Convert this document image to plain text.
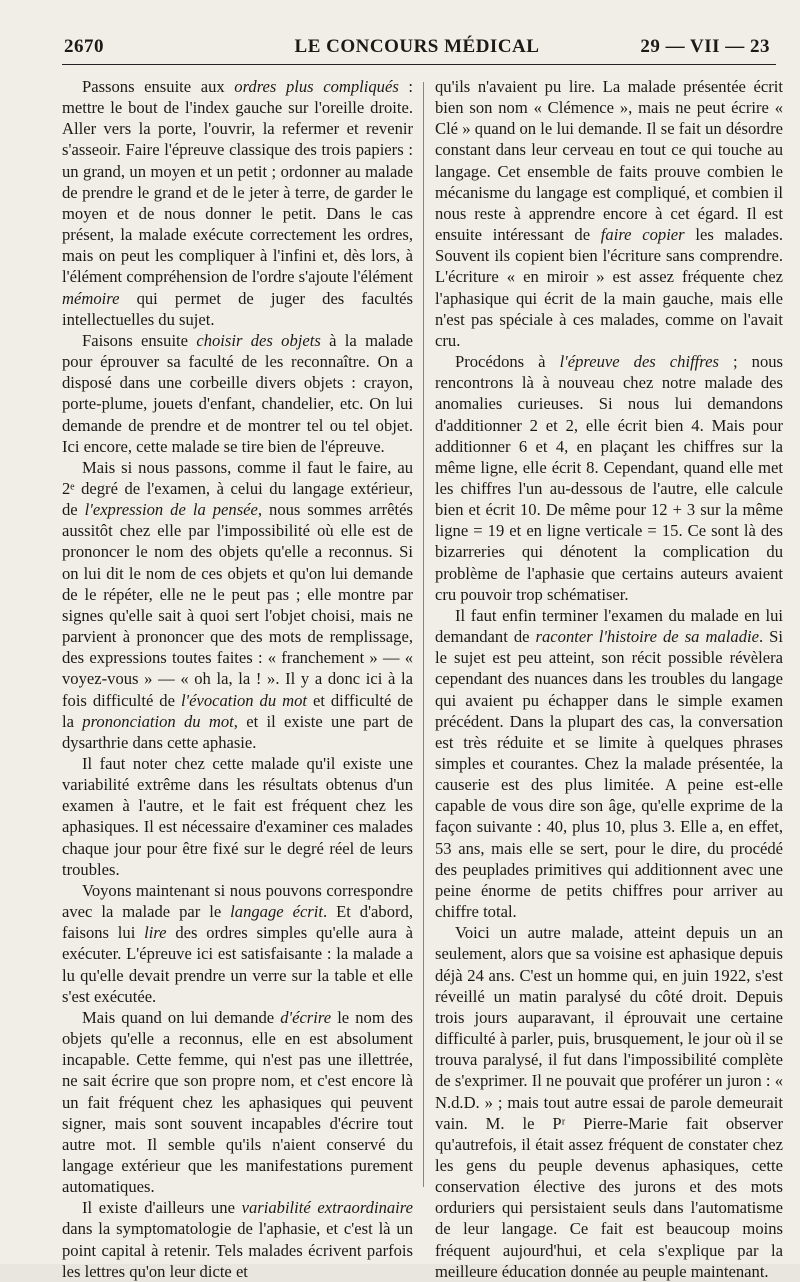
2670	LE CONCOURS MÉDICAL	29 — VII — 23

Passons ensuite aux ordres plus compliqués : mettre le bout de l'index gauche sur l'oreille droite. Aller vers la porte, l'ouvrir, la refermer et revenir s'asseoir. Faire l'épreuve classique des trois papiers : un grand, un moyen et un petit ; ordonner au malade de prendre le grand et de le jeter à terre, de garder le moyen et de nous donner le petit. Dans le cas présent, la malade exécute correctement les ordres, mais on peut les compliquer à l'infini et, dès lors, à l'élément compréhension de l'ordre s'ajoute l'élément mémoire qui permet de juger des facultés intellectuelles du sujet.

Faisons ensuite choisir des objets à la malade pour éprouver sa faculté de les reconnaître. On a disposé dans une corbeille divers objets : crayon, porte-plume, jouets d'enfant, chandelier, etc. On lui demande de prendre et de montrer tel ou tel objet. Ici encore, cette malade se tire bien de l'épreuve.

Mais si nous passons, comme il faut le faire, au 2ᵉ degré de l'examen, à celui du langage extérieur, de l'expression de la pensée, nous sommes arrêtés aussitôt chez elle par l'impossibilité où elle est de prononcer le nom des objets qu'elle a reconnus. Si on lui dit le nom de ces objets et qu'on lui demande de le répéter, elle ne le peut pas ; elle montre par signes qu'elle sait à quoi sert l'objet choisi, mais ne parvient à prononcer que des mots de remplissage, des expressions toutes faites : « franchement » — « voyez-vous » — « oh la, la ! ». Il y a donc ici à la fois difficulté de l'évocation du mot et difficulté de la prononciation du mot, et il existe une part de dysarthrie dans cette aphasie.

Il faut noter chez cette malade qu'il existe une variabilité extrême dans les résultats obtenus d'un examen à l'autre, et le fait est fréquent chez les aphasiques. Il est nécessaire d'examiner ces malades chaque jour pour être fixé sur le degré réel de leurs troubles.

Voyons maintenant si nous pouvons correspondre avec la malade par le langage écrit. Et d'abord, faisons lui lire des ordres simples qu'elle aura à exécuter. L'épreuve ici est satisfaisante : la malade a lu qu'elle devait prendre un verre sur la table et elle s'est exécutée.

Mais quand on lui demande d'écrire le nom des objets qu'elle a reconnus, elle en est absolument incapable. Cette femme, qui n'est pas une illettrée, ne sait écrire que son propre nom, et c'est encore là un fait fréquent chez les aphasiques qui peuvent signer, mais sont souvent incapables d'écrire tout autre mot. Il semble qu'ils n'aient conservé du langage extérieur que les manifestations purement automatiques.

Il existe d'ailleurs une variabilité extraordinaire dans la symptomatologie de l'aphasie, et c'est là un point capital à retenir. Tels malades écrivent parfois les lettres qu'on leur dicte et

qu'ils n'avaient pu lire. La malade présentée écrit bien son nom « Clémence », mais ne peut écrire « Clé » quand on le lui demande. Il se fait un désordre constant dans leur cerveau en tout ce qui touche au langage. Cet ensemble de faits prouve combien le mécanisme du langage est compliqué, et combien il nous reste à apprendre encore à cet égard. Il est ensuite intéressant de faire copier les malades. Souvent ils copient bien l'écriture sans comprendre. L'écriture « en miroir » est assez fréquente chez l'aphasique qui écrit de la main gauche, mais elle n'est pas spéciale à ces malades, comme on l'avait cru.

Procédons à l'épreuve des chiffres ; nous rencontrons là à nouveau chez notre malade des anomalies curieuses. Si nous lui demandons d'additionner 2 et 2, elle écrit bien 4. Mais pour additionner 6 et 4, en plaçant les chiffres sur la même ligne, elle écrit 8. Cependant, quand elle met les chiffres l'un au-dessous de l'autre, elle calcule bien et écrit 10. De même pour 12 + 3 sur la même ligne = 19 et en ligne verticale = 15. Ce sont là des bizarreries qui dénotent la complication du problème de l'aphasie que certains auteurs avaient cru pouvoir trop schématiser.

Il faut enfin terminer l'examen du malade en lui demandant de raconter l'histoire de sa maladie. Si le sujet est peu atteint, son récit possible révèlera cependant des nuances dans les troubles du langage qui avaient pu échapper dans le simple examen précédent. Dans la plupart des cas, la conversation est très réduite et se limite à quelques phrases simples et courantes. Chez la malade présentée, la causerie est des plus limitée. A peine est-elle capable de vous dire son âge, qu'elle exprime de la façon suivante : 40, plus 10, plus 3. Elle a, en effet, 53 ans, mais elle se sert, pour le dire, du procédé des peuplades primitives qui additionnent avec une peine énorme de petits chiffres pour arriver au chiffre total.

Voici un autre malade, atteint depuis un an seulement, alors que sa voisine est aphasique depuis déjà 24 ans. C'est un homme qui, en juin 1922, s'est réveillé un matin paralysé du côté droit. Depuis trois jours auparavant, il éprouvait une certaine difficulté à parler, puis, brusquement, le jour où il se trouva paralysé, il fut dans l'impossibilité complète de s'exprimer. Il ne pouvait que proférer un juron : « N.d.D. » ; mais tout autre essai de parole demeurait vain. M. le Pʳ Pierre-Marie fait observer qu'autrefois, il était assez fréquent de constater chez les gens du peuple devenus aphasiques, cette conservation élective des jurons et des mots orduriers qui persistaient seuls dans l'automatisme de leur langage. Ce fait est beaucoup moins fréquent aujourd'hui, et cela s'explique par la meilleure éducation donnée au peuple maintenant.
